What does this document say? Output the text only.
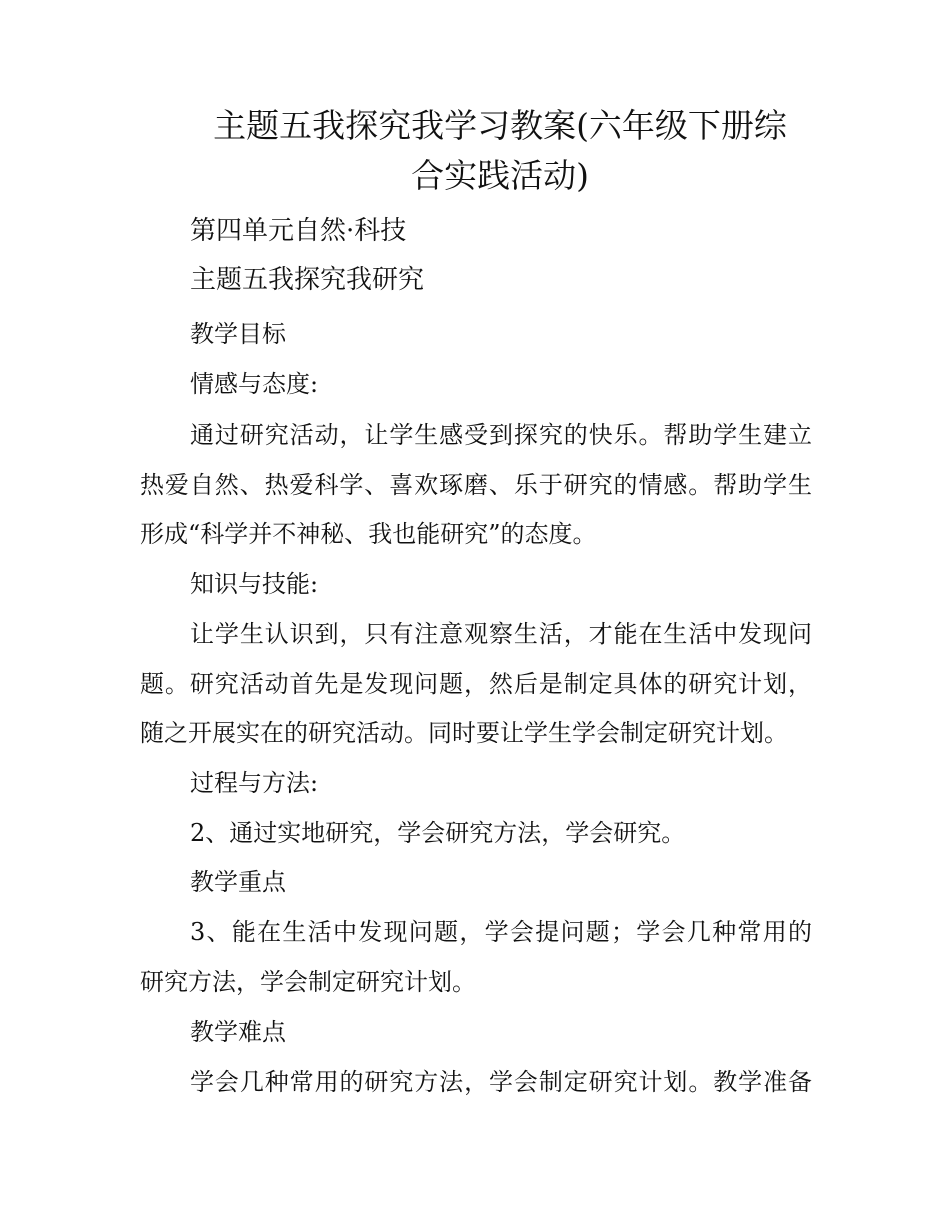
主题五我探究我学习教案(六年级下册综
合实践活动)

第四单元自然·科技

主题五我探究我研究

教学目标

情感与态度:

通过研究活动，让学生感受到探究的快乐。帮助学生建立

热爱自然、热爱科学、喜欢琢磨、乐于研究的情感。帮助学生

形成“科学并不神秘、我也能研究”的态度。

知识与技能:

让学生认识到，只有注意观察生活，才能在生活中发现问

题。研究活动首先是发现问题，然后是制定具体的研究计划，

随之开展实在的研究活动。同时要让学生学会制定研究计划。

过程与方法:

2、通过实地研究，学会研究方法，学会研究。

教学重点

3、能在生活中发现问题，学会提问题；学会几种常用的

研究方法，学会制定研究计划。

教学难点

学会几种常用的研究方法，学会制定研究计划。教学准备
